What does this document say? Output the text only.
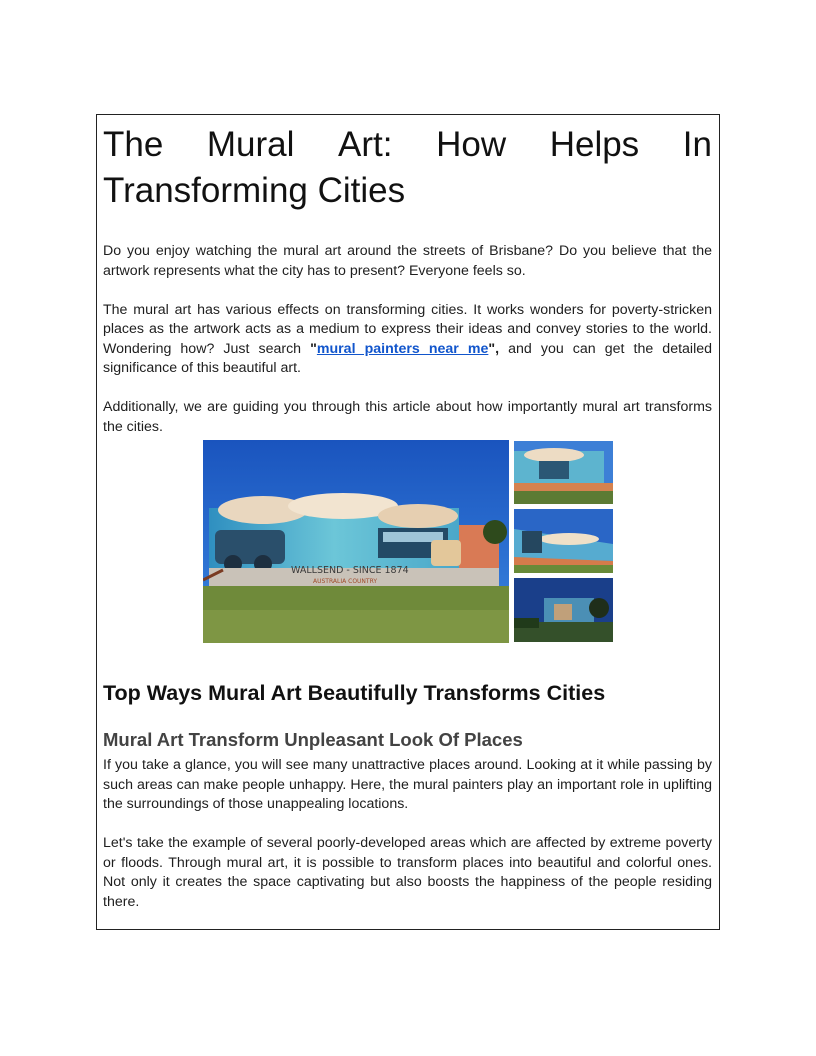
The Mural Art: How Helps In
Transforming Cities

Do you enjoy watching the mural art around the streets of Brisbane? Do you believe that the artwork represents what the city has to present? Everyone feels so.

The mural art has various effects on transforming cities. It works wonders for poverty-stricken places as the artwork acts as a medium to express their ideas and convey stories to the world. Wondering how? Just search "mural painters near me", and you can get the detailed significance of this beautiful art.

Additionally, we are guiding you through this article about how importantly mural art transforms the cities.

WALLSEND - SINCE 1874
AUSTRALIA COUNTRY
Top Ways Mural Art Beautifully Transforms Cities
Mural Art Transform Unpleasant Look Of Places

If you take a glance, you will see many unattractive places around. Looking at it while passing by such areas can make people unhappy. Here, the mural painters play an important role in uplifting the surroundings of those unappealing locations.

Let's take the example of several poorly-developed areas which are affected by extreme poverty or floods. Through mural art, it is possible to transform places into beautiful and colorful ones. Not only it creates the space captivating but also boosts the happiness of the people residing there.
